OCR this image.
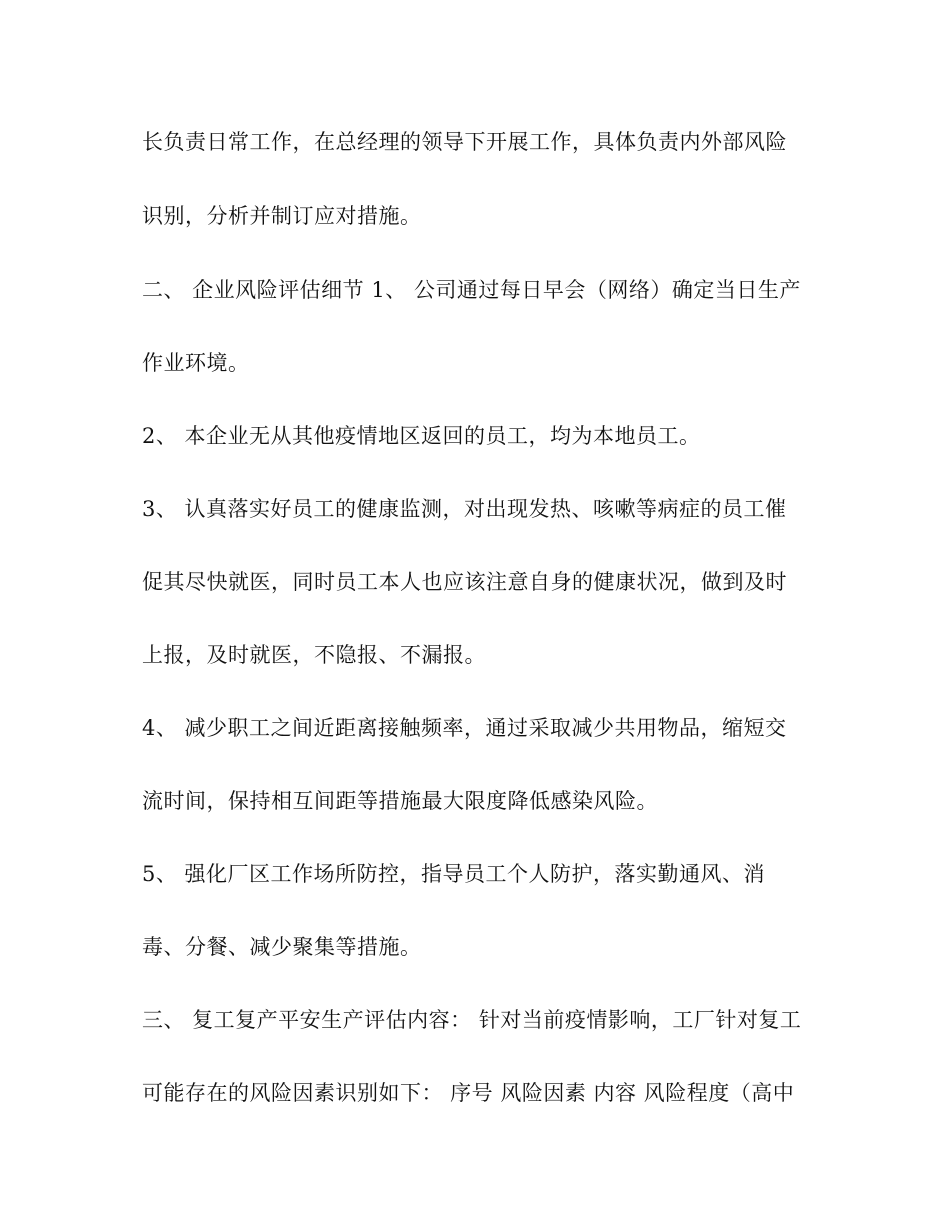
长负责日常工作，在总经理的领导下开展工作，具体负责内外部风险
识别，分析并制订应对措施。
二、 企业风险评估细节 1、 公司通过每日早会（网络）确定当日生产
作业环境。
2、 本企业无从其他疫情地区返回的员工，均为本地员工。
3、 认真落实好员工的健康监测，对出现发热、咳嗽等病症的员工催
促其尽快就医，同时员工本人也应该注意自身的健康状况，做到及时
上报，及时就医，不隐报、不漏报。
4、 减少职工之间近距离接触频率，通过采取减少共用物品，缩短交
流时间，保持相互间距等措施最大限度降低感染风险。
5、 强化厂区工作场所防控，指导员工个人防护，落实勤通风、消
毒、分餐、减少聚集等措施。
三、 复工复产平安生产评估内容： 针对当前疫情影响，工厂针对复工
可能存在的风险因素识别如下： 序号 风险因素 内容 风险程度（高中
